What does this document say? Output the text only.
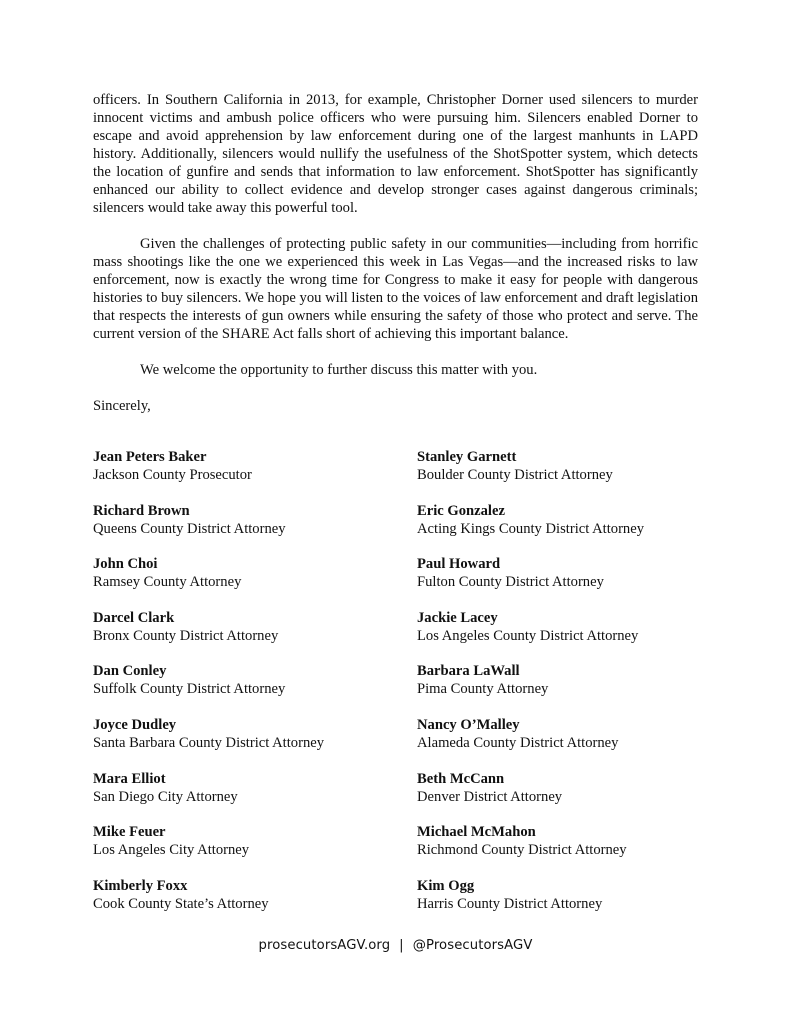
officers. In Southern California in 2013, for example, Christopher Dorner used silencers to murder innocent victims and ambush police officers who were pursuing him. Silencers enabled Dorner to escape and avoid apprehension by law enforcement during one of the largest manhunts in LAPD history. Additionally, silencers would nullify the usefulness of the ShotSpotter system, which detects the location of gunfire and sends that information to law enforcement. ShotSpotter has significantly enhanced our ability to collect evidence and develop stronger cases against dangerous criminals; silencers would take away this powerful tool.

Given the challenges of protecting public safety in our communities—including from horrific mass shootings like the one we experienced this week in Las Vegas—and the increased risks to law enforcement, now is exactly the wrong time for Congress to make it easy for people with dangerous histories to buy silencers. We hope you will listen to the voices of law enforcement and draft legislation that respects the interests of gun owners while ensuring the safety of those who protect and serve. The current version of the SHARE Act falls short of achieving this important balance.

We welcome the opportunity to further discuss this matter with you.

Sincerely,
Jean Peters Baker
Jackson County Prosecutor
Stanley Garnett
Boulder County District Attorney
Richard Brown
Queens County District Attorney
Eric Gonzalez
Acting Kings County District Attorney
John Choi
Ramsey County Attorney
Paul Howard
Fulton County District Attorney
Darcel Clark
Bronx County District Attorney
Jackie Lacey
Los Angeles County District Attorney
Dan Conley
Suffolk County District Attorney
Barbara LaWall
Pima County Attorney
Joyce Dudley
Santa Barbara County District Attorney
Nancy O’Malley
Alameda County District Attorney
Mara Elliot
San Diego City Attorney
Beth McCann
Denver District Attorney
Mike Feuer
Los Angeles City Attorney
Michael McMahon
Richmond County District Attorney
Kimberly Foxx
Cook County State’s Attorney
Kim Ogg
Harris County District Attorney
prosecutorsAGV.org | @ProsecutorsAGV
